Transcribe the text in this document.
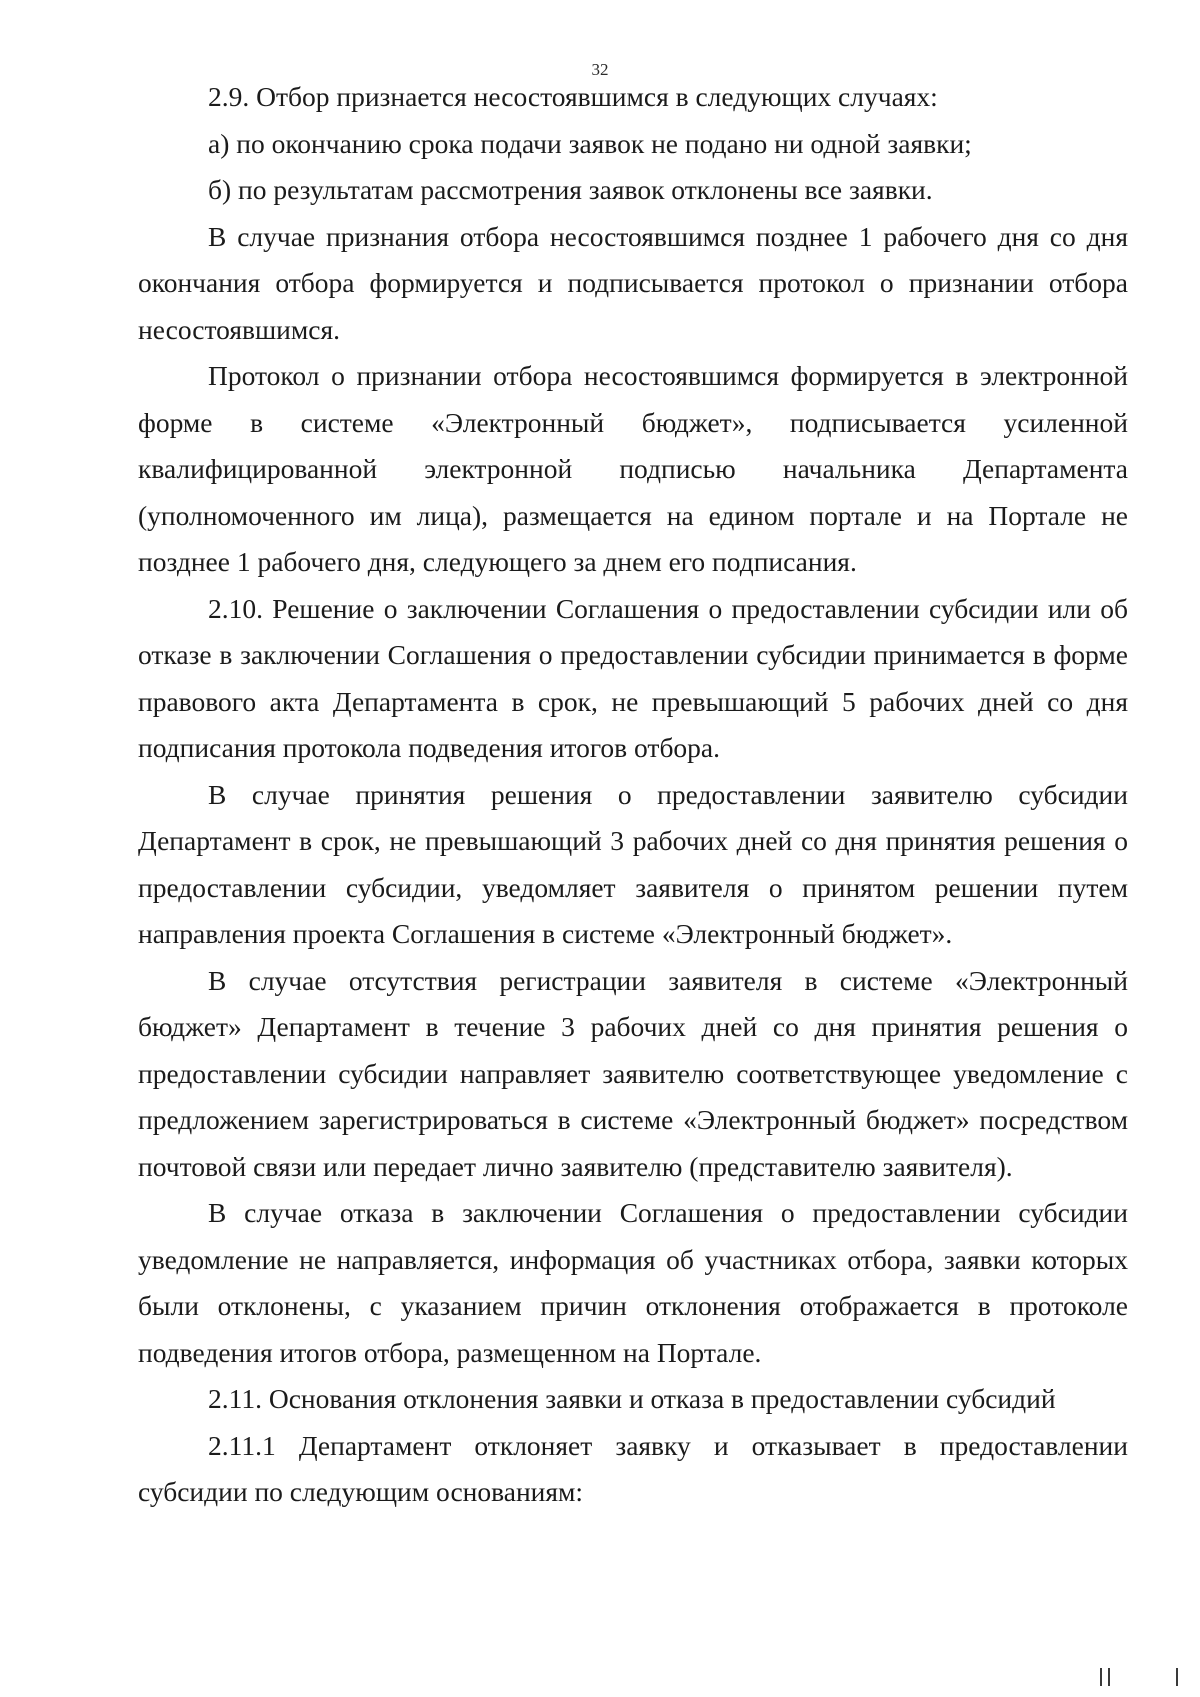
32

2.9. Отбор признается несостоявшимся в следующих случаях:

а) по окончанию срока подачи заявок не подано ни одной заявки;

б) по результатам рассмотрения заявок отклонены все заявки.

В случае признания отбора несостоявшимся позднее 1 рабочего дня со дня окончания отбора формируется и подписывается протокол о признании отбора несостоявшимся.

Протокол о признании отбора несостоявшимся формируется в электронной форме в системе «Электронный бюджет», подписывается усиленной квалифицированной электронной подписью начальника Департамента (уполномоченного им лица), размещается на едином портале и на Портале не позднее 1 рабочего дня, следующего за днем его подписания.

2.10. Решение о заключении Соглашения о предоставлении субсидии или об отказе в заключении Соглашения о предоставлении субсидии принимается в форме правового акта Департамента в срок, не превышающий 5 рабочих дней со дня подписания протокола подведения итогов отбора.

В случае принятия решения о предоставлении заявителю субсидии Департамент в срок, не превышающий 3 рабочих дней со дня принятия решения о предоставлении субсидии, уведомляет заявителя о принятом решении путем направления проекта Соглашения в системе «Электронный бюджет».

В случае отсутствия регистрации заявителя в системе «Электронный бюджет» Департамент в течение 3 рабочих дней со дня принятия решения о предоставлении субсидии направляет заявителю соответствующее уведомление с предложением зарегистрироваться в системе «Электронный бюджет» посредством почтовой связи или передает лично заявителю (представителю заявителя).

В случае отказа в заключении Соглашения о предоставлении субсидии уведомление не направляется, информация об участниках отбора, заявки которых были отклонены, с указанием причин отклонения отображается в протоколе подведения итогов отбора, размещенном на Портале.

2.11. Основания отклонения заявки и отказа в предоставлении субсидий

2.11.1 Департамент отклоняет заявку и отказывает в предоставлении субсидии по следующим основаниям:
